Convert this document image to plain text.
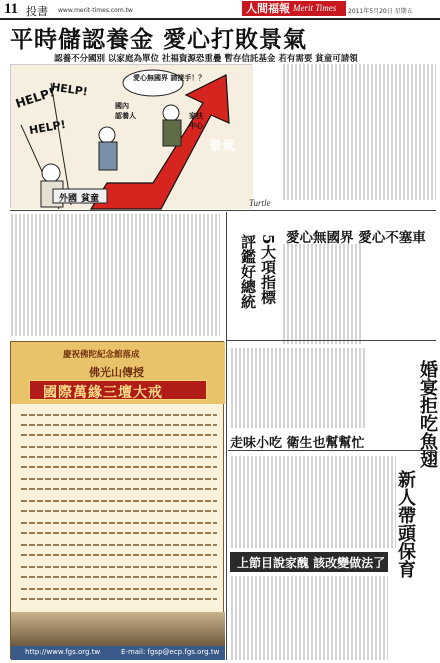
11 投書 www.merit-times.com.tw	人間福報 Merit Times 2011年5月20日 星期五
平時儲認養金 愛心打敗景氣
認養不分國別 以家庭為單位 社福資源恐重疊 暫存信託基金 若有需要 貧童可請領
愛心無國界 請接手！？
HELP!
HELP!
HELP!
國內 認養人	家扶 中心
景氣
外國 貧童	Turtle
評鑑好總統 5大項指標
婚宴拒吃魚翅
新人帶頭保育
愛心無國界 愛心不塞車
走味小吃 衛生也幫幫忙
上節目說家醜 該改變做法了
慶祝佛陀紀念館落成
佛光山傳授
國際萬緣三壇大戒
http://www.fgs.org.tw	E-mail: fgsp@ecp.fgs.org.tw
